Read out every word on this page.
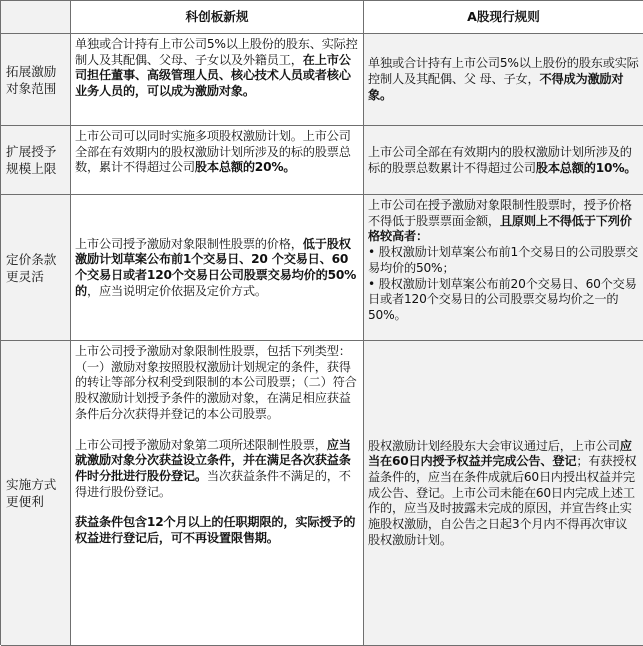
科创板新规	A股现行规则
拓展激励对象范围
单独或合计持有上市公司5%以上股份的股东、实际控制人及其配偶、父母、子女以及外籍员工，在上市公司担任董事、高级管理人员、核心技术人员或者核心业务人员的，可以成为激励对象。
单独或合计持有上市公司5%以上股份的股东或实际控制人及其配偶、父 母、子女，不得成为激励对象。
扩展授予规模上限
上市公司可以同时实施多项股权激励计划。上市公司全部在有效期内的股权激励计划所涉及的标的股票总数，累计不得超过公司股本总额的20%。
上市公司全部在有效期内的股权激励计划所涉及的标的股票总数累计不得超过公司股本总额的10%。
定价条款更灵活
上市公司授予激励对象限制性股票的价格，低于股权激励计划草案公布前1个交易日、20 个交易日、60 个交易日或者120个交易日公司股票交易均价的50%的，应当说明定价依据及定价方式。
上市公司在授予激励对象限制性股票时，授予价格不得低于股票票面金额，且原则上不得低于下列价格较高者：
• 股权激励计划草案公布前1个交易日的公司股票交易均价的50%；
• 股权激励计划草案公布前20个交易日、60个交易日或者120个交易日的公司股票交易均价之一的50%。
实施方式更便利
上市公司授予激励对象限制性股票，包括下列类型：
（一）激励对象按照股权激励计划规定的条件，获得的转让等部分权利受到限制的本公司股票；（二）符合股权激励计划授予条件的激励对象，在满足相应获益条件后分次获得并登记的本公司股票。
上市公司授予激励对象第二项所述限制性股票，应当就激励对象分次获益设立条件，并在满足各次获益条件时分批进行股份登记。当次获益条件不满足的，不得进行股份登记。
获益条件包含12个月以上的任职期限的，实际授予的权益进行登记后，可不再设置限售期。
股权激励计划经股东大会审议通过后，上市公司应当在60日内授予权益并完成公告、登记；有获授权益条件的，应当在条件成就后60日内授出权益并完成公告、登记。上市公司未能在60日内完成上述工作的，应当及时披露未完成的原因，并宣告终止实施股权激励，自公告之日起3个月内不得再次审议股权激励计划。
